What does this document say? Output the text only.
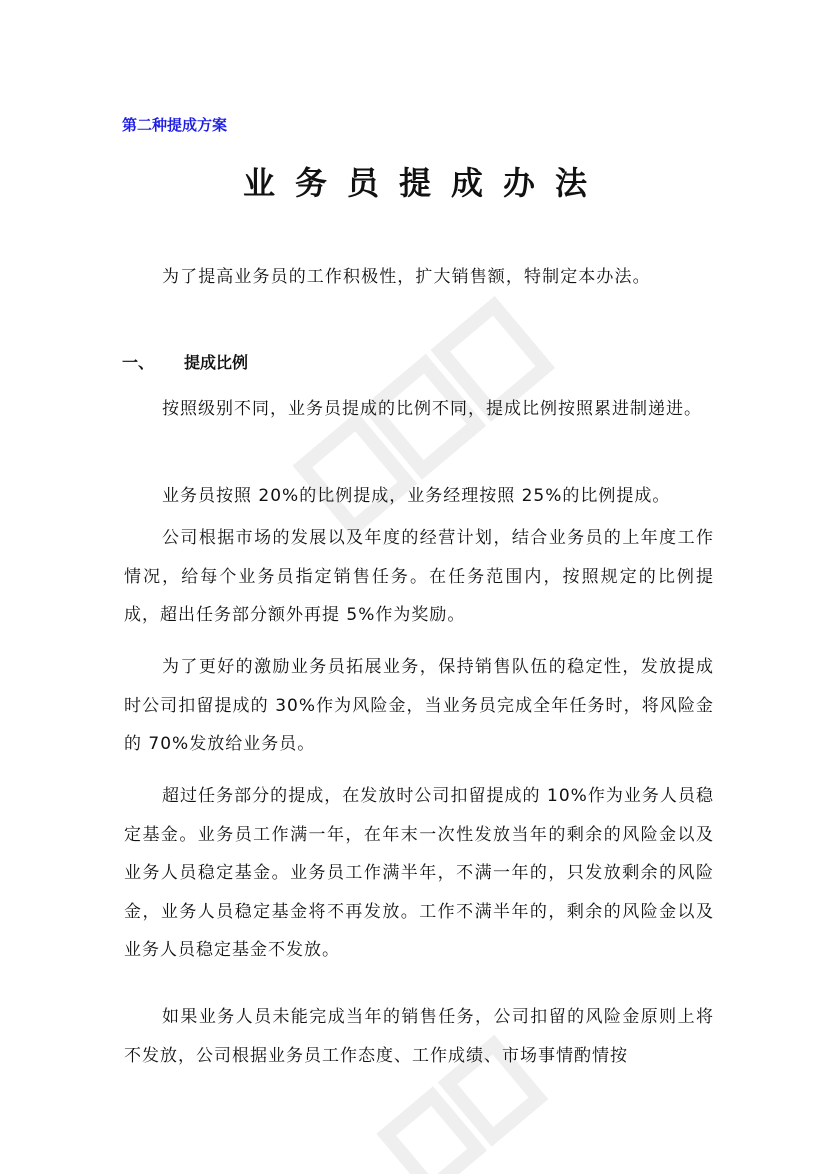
第二种提成方案
业务员提成办法
为了提高业务员的工作积极性，扩大销售额，特制定本办法。
一、 提成比例
按照级别不同，业务员提成的比例不同，提成比例按照累进制递进。
业务员按照 20%的比例提成，业务经理按照 25%的比例提成。
公司根据市场的发展以及年度的经营计划，结合业务员的上年度工作情况，给每个业务员指定销售任务。在任务范围内，按照规定的比例提成，超出任务部分额外再提 5%作为奖励。
为了更好的激励业务员拓展业务，保持销售队伍的稳定性，发放提成时公司扣留提成的 30%作为风险金，当业务员完成全年任务时，将风险金的 70%发放给业务员。
超过任务部分的提成，在发放时公司扣留提成的 10%作为业务人员稳定基金。业务员工作满一年，在年末一次性发放当年的剩余的风险金以及业务人员稳定基金。业务员工作满半年，不满一年的，只发放剩余的风险金，业务人员稳定基金将不再发放。工作不满半年的，剩余的风险金以及业务人员稳定基金不发放。
如果业务人员未能完成当年的销售任务，公司扣留的风险金原则上将不发放，公司根据业务员工作态度、工作成绩、市场事情酌情按
